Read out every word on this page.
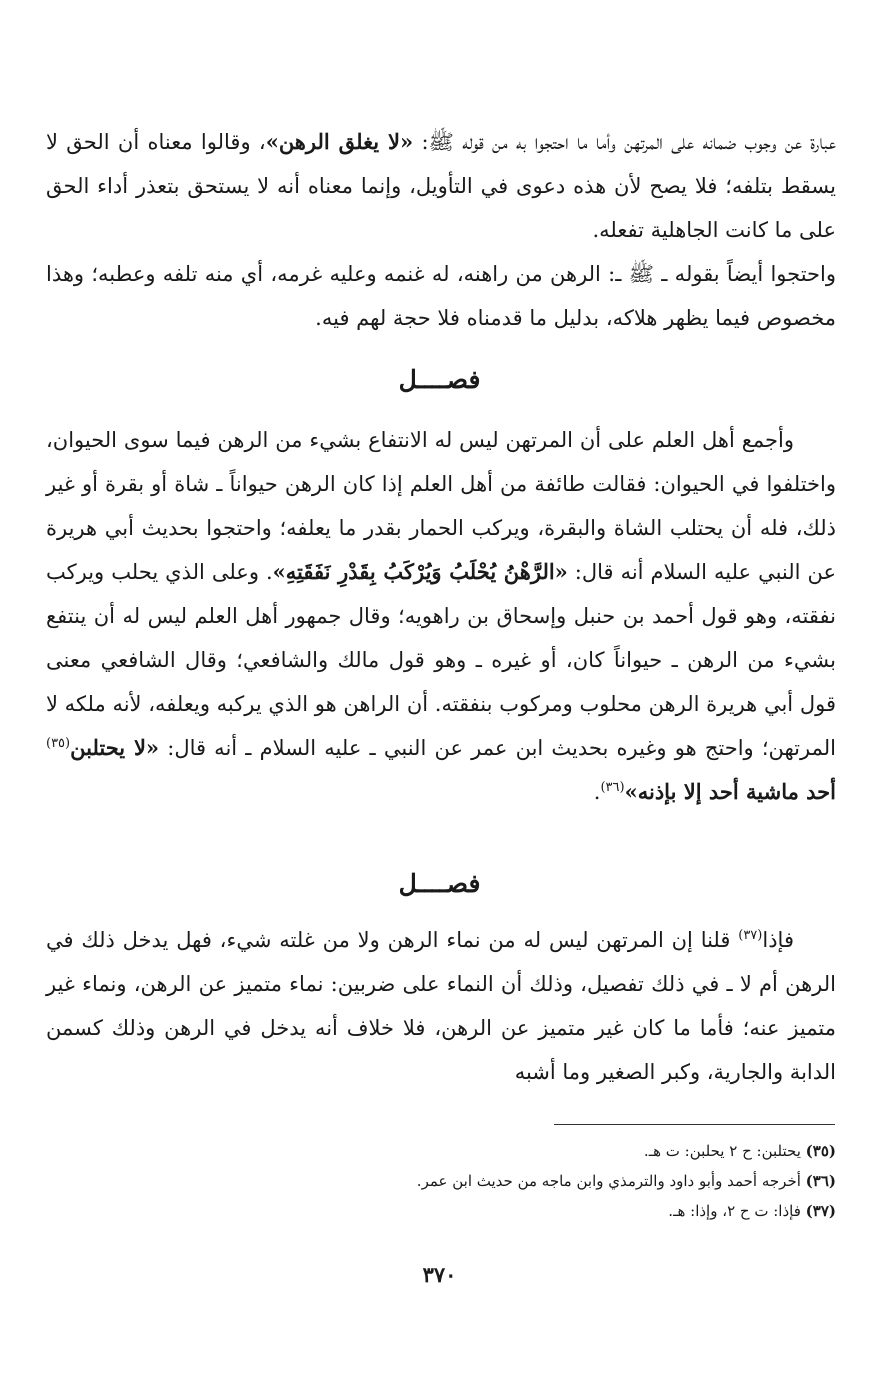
عبارة عن وجوب ضمانه على المرتهن وأما ما احتجوا به من قوله ﷺ: «لا يغلق الرهن»، وقالوا معناه أن الحق لا يسقط بتلفه؛ فلا يصح لأن هذه دعوى في التأويل، وإنما معناه أنه لا يستحق بتعذر أداء الحق على ما كانت الجاهلية تفعله.

واحتجوا أيضاً بقوله ـ ﷺ ـ: الرهن من راهنه، له غنمه وعليه غرمه، أي منه تلفه وعطبه؛ وهذا مخصوص فيما يظهر هلاكه، بدليل ما قدمناه فلا حجة لهم فيه.

فصــــل

وأجمع أهل العلم على أن المرتهن ليس له الانتفاع بشيء من الرهن فيما سوى الحيوان، واختلفوا في الحيوان: فقالت طائفة من أهل العلم إذا كان الرهن حيواناً ـ شاة أو بقرة أو غير ذلك، فله أن يحتلب الشاة والبقرة، ويركب الحمار بقدر ما يعلفه؛ واحتجوا بحديث أبي هريرة عن النبي عليه السلام أنه قال: «الرَّهْنُ يُحْلَبُ وَيُرْكَبُ بِقَدْرِ نَفَقَتِهِ». وعلى الذي يحلب ويركب نفقته، وهو قول أحمد بن حنبل وإسحاق بن راهويه؛ وقال جمهور أهل العلم ليس له أن ينتفع بشيء من الرهن ـ حيواناً كان، أو غيره ـ وهو قول مالك والشافعي؛ وقال الشافعي معنى قول أبي هريرة الرهن محلوب ومركوب بنفقته. أن الراهن هو الذي يركبه ويعلفه، لأنه ملكه لا المرتهن؛ واحتج هو وغيره بحديث ابن عمر عن النبي ـ عليه السلام ـ أنه قال: «لا يحتلبن$^{(٣٥)}$ أحد ماشية أحد إلا بإذنه»$^{(٣٦)}$.

فصــــل

فإذا$^{(٣٧)}$ قلنا إن المرتهن ليس له من نماء الرهن ولا من غلته شيء، فهل يدخل ذلك في الرهن أم لا ـ في ذلك تفصيل، وذلك أن النماء على ضربين: نماء متميز عن الرهن، ونماء غير متميز عنه؛ فأما ما كان غير متميز عن الرهن، فلا خلاف أنه يدخل في الرهن وذلك كسمن الدابة والجارية، وكبر الصغير وما أشبه

(٣٥) يحتلبن: ح ٢ يحلبن: ت هـ.

(٣٦) أخرجه أحمد وأبو داود والترمذي وابن ماجه من حديث ابن عمر.

(٣٧) فإذا: ت ح ٢، وإذا: هـ.

٣٧٠
